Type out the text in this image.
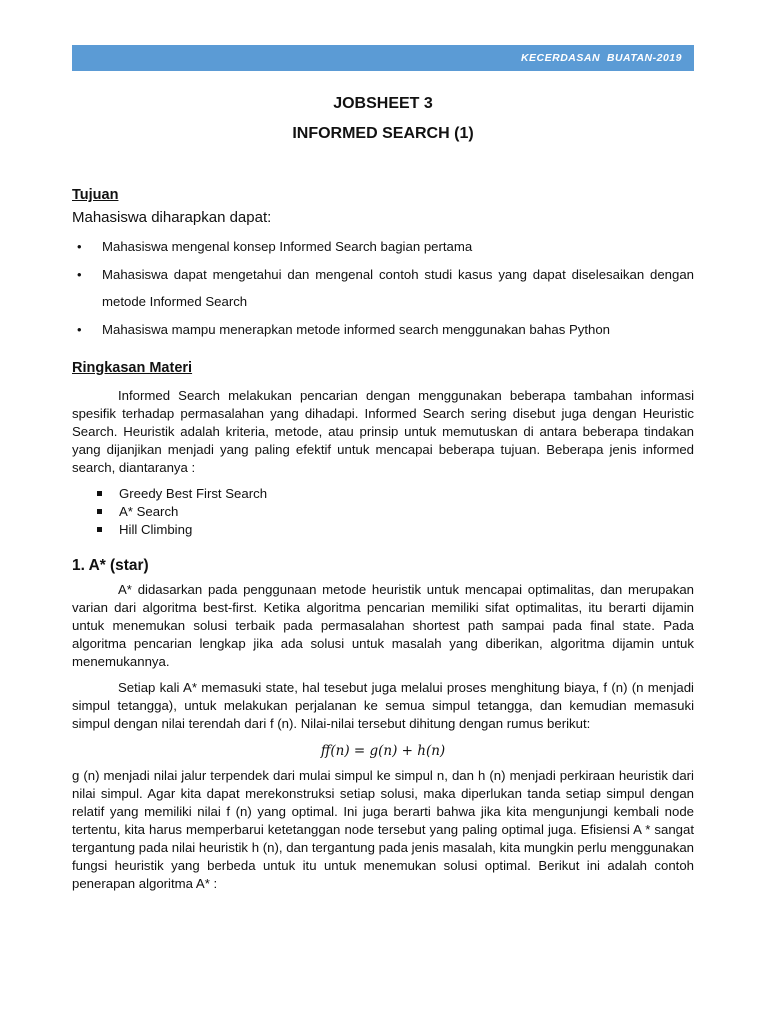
KECERDASAN  BUATAN-2019
JOBSHEET 3
INFORMED SEARCH (1)
Tujuan
Mahasiswa diharapkan dapat:
• Mahasiswa mengenal konsep Informed Search bagian pertama
• Mahasiswa dapat mengetahui dan mengenal contoh studi kasus yang dapat diselesaikan dengan metode Informed Search
• Mahasiswa mampu menerapkan metode informed search menggunakan bahas Python
Ringkasan Materi

Informed Search melakukan pencarian dengan menggunakan beberapa tambahan informasi spesifik terhadap permasalahan yang dihadapi. Informed Search sering disebut juga dengan Heuristic Search. Heuristik adalah kriteria, metode, atau prinsip untuk memutuskan di antara beberapa tindakan yang dijanjikan menjadi yang paling efektif untuk mencapai beberapa tujuan. Beberapa jenis informed search, diantaranya :

Greedy Best First Search
A* Search
Hill Climbing
1. A* (star)

A* didasarkan pada penggunaan metode heuristik untuk mencapai optimalitas, dan merupakan varian dari algoritma best-first. Ketika algoritma pencarian memiliki sifat optimalitas, itu berarti dijamin untuk menemukan solusi terbaik pada permasalahan shortest path sampai pada final state. Pada algoritma pencarian lengkap jika ada solusi untuk masalah yang diberikan, algoritma dijamin untuk menemukannya.

Setiap kali A* memasuki state, hal tesebut juga melalui proses menghitung biaya, f (n) (n menjadi simpul tetangga), untuk melakukan perjalanan ke semua simpul tetangga, dan kemudian memasuki simpul dengan nilai terendah dari f (n). Nilai-nilai tersebut dihitung dengan rumus berikut:

ff(n) = g(n) + h(n)

g (n) menjadi nilai jalur terpendek dari mulai simpul ke simpul n, dan h (n) menjadi perkiraan heuristik dari nilai simpul. Agar kita dapat merekonstruksi setiap solusi, maka diperlukan tanda setiap simpul dengan relatif yang memiliki nilai f (n) yang optimal. Ini juga berarti bahwa jika kita mengunjungi kembali node tertentu, kita harus memperbarui ketetanggan node tersebut yang paling optimal juga. Efisiensi A * sangat tergantung pada nilai heuristik h (n), dan tergantung pada jenis masalah, kita mungkin perlu menggunakan fungsi heuristik yang berbeda untuk itu untuk menemukan solusi optimal. Berikut ini adalah contoh penerapan algoritma A* :
